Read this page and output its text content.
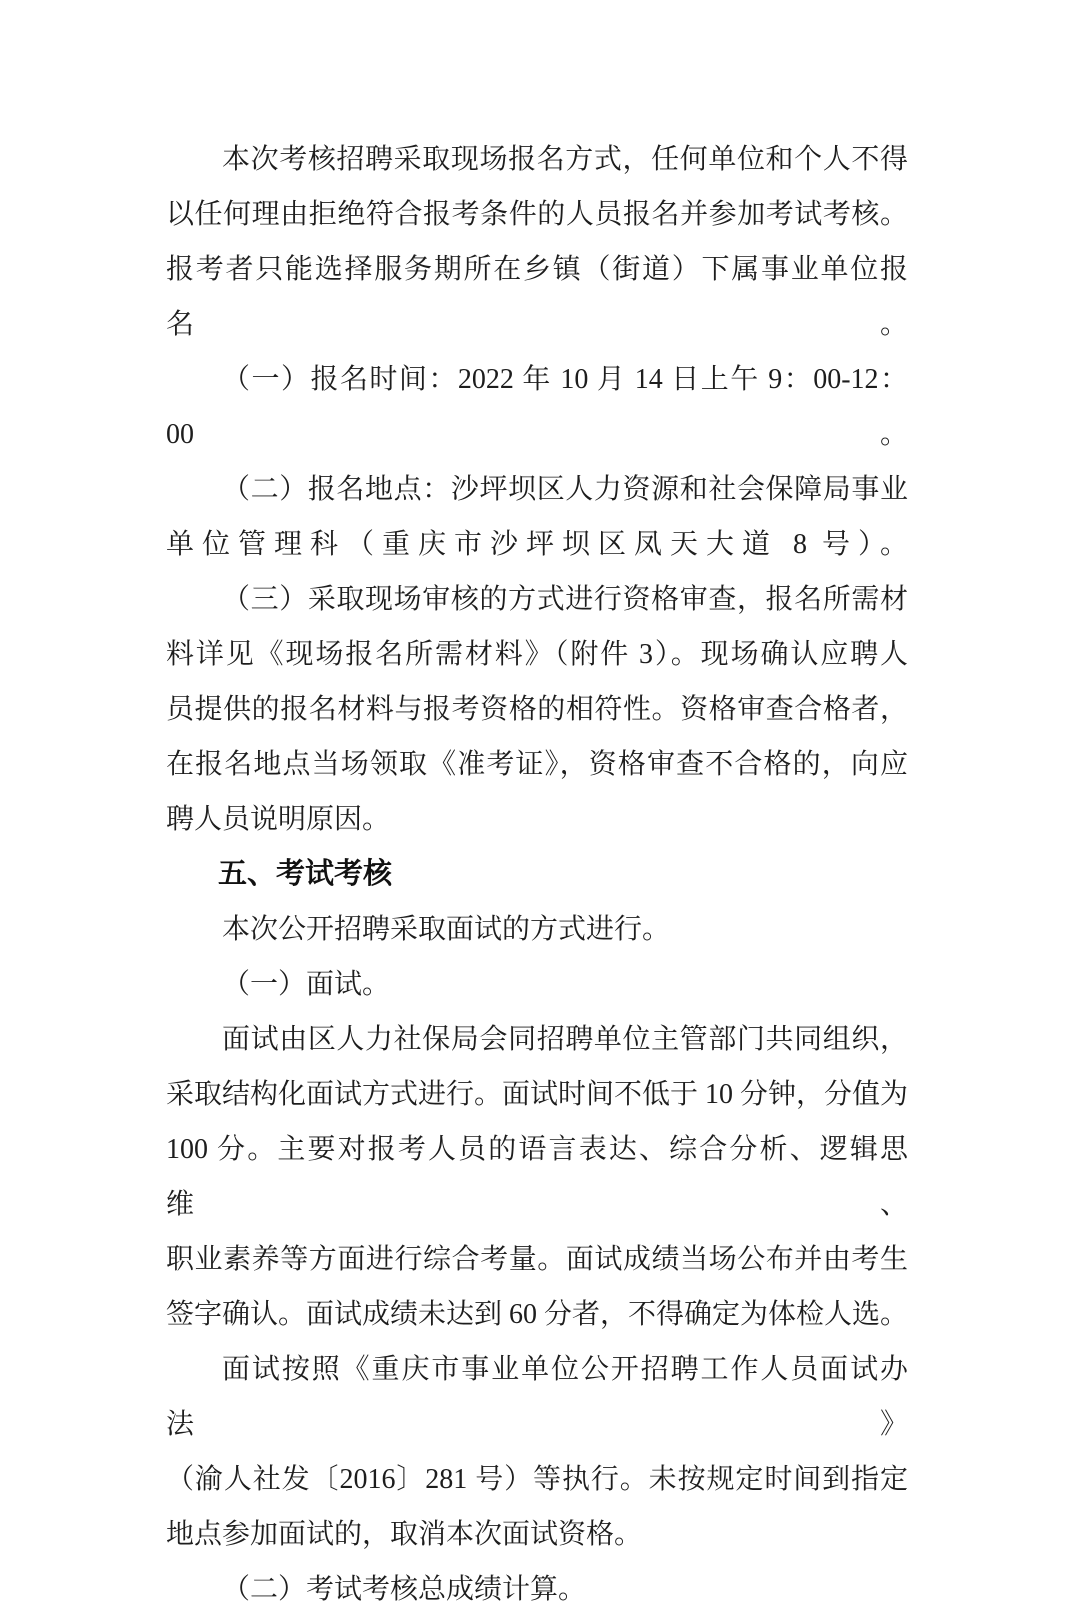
本次考核招聘采取现场报名方式，任何单位和个人不得
以任何理由拒绝符合报考条件的人员报名并参加考试考核。
报考者只能选择服务期所在乡镇（街道）下属事业单位报名。
（一）报名时间：2022 年 10 月 14 日上午 9：00-12：00。
（二）报名地点：沙坪坝区人力资源和社会保障局事业
单位管理科（重庆市沙坪坝区凤天大道 8 号）。
（三）采取现场审核的方式进行资格审查，报名所需材
料详见《现场报名所需材料》（附件 3）。现场确认应聘人
员提供的报名材料与报考资格的相符性。资格审查合格者，
在报名地点当场领取《准考证》，资格审查不合格的，向应
聘人员说明原因。
五、考试考核
本次公开招聘采取面试的方式进行。
（一）面试。
面试由区人力社保局会同招聘单位主管部门共同组织，
采取结构化面试方式进行。面试时间不低于 10 分钟，分值为
100 分。主要对报考人员的语言表达、综合分析、逻辑思维、
职业素养等方面进行综合考量。面试成绩当场公布并由考生
签字确认。面试成绩未达到 60 分者，不得确定为体检人选。
面试按照《重庆市事业单位公开招聘工作人员面试办法》
（渝人社发〔2016〕281 号）等执行。未按规定时间到指定
地点参加面试的，取消本次面试资格。
（二）考试考核总成绩计算。
